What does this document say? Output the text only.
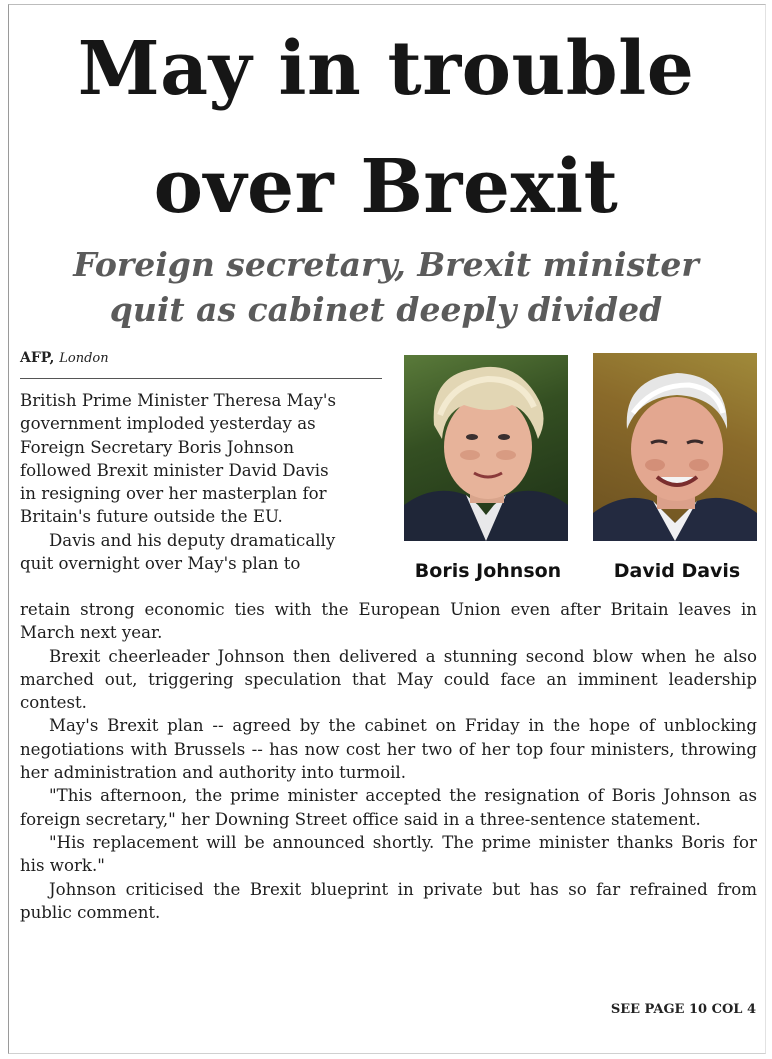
May in trouble
over Brexit
Foreign secretary, Brexit minister
quit as cabinet deeply divided
AFP, London
Boris Johnson	David Davis
British Prime Minister Theresa May's
government imploded yesterday as
Foreign Secretary Boris Johnson
followed Brexit minister David Davis
in resigning over her masterplan for
Britain's future outside the EU.
Davis and his deputy dramatically
quit overnight over May's plan to

retain strong economic ties with the European Union even after Britain leaves in March next year.

Brexit cheerleader Johnson then delivered a stunning second blow when he also marched out, triggering speculation that May could face an imminent leadership contest.

May's Brexit plan -- agreed by the cabinet on Friday in the hope of unblocking negotiations with Brussels -- has now cost her two of her top four ministers, throwing her administration and authority into turmoil.

"This afternoon, the prime minister accepted the resignation of Boris Johnson as foreign secretary," her Downing Street office said in a three-sentence statement.

"His replacement will be announced shortly. The prime minister thanks Boris for his work."

Johnson criticised the Brexit blueprint in private but has so far refrained from public comment.

SEE PAGE 10 COL 4
